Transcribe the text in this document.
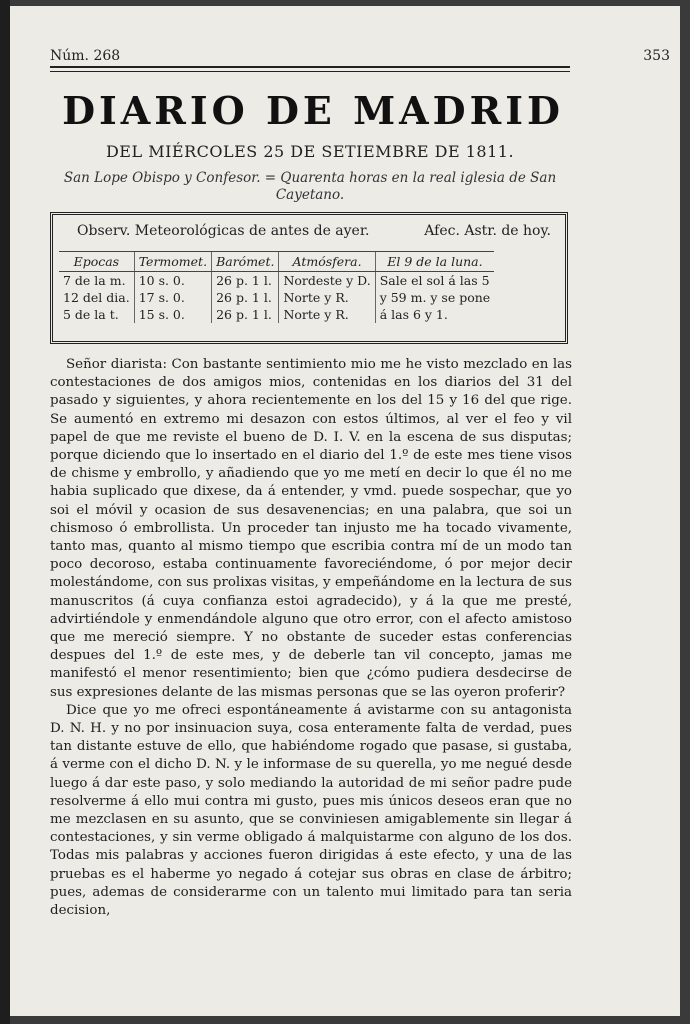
Núm. 268	353
DIARIO DE MADRID
DEL MIÉRCOLES 25 DE SETIEMBRE DE 1811.
San Lope Obispo y Confesor. = Quarenta horas en la real iglesia de San Cayetano.
Observ. Meteorológicas de antes de ayer.	Afec. Astr. de hoy.
Epocas	Termomet.	Barómet.	Atmósfera.	El 9 de la luna.
7 de la m.	10 s. 0.	26 p. 1 l.	Nordeste y D.	Sale el sol á las 5
12 del dia.	17 s. 0.	26 p. 1 l.	Norte y R.	y 59 m. y se pone
5 de la t.	15 s. 0.	26 p. 1 l.	Norte y R.	á las 6 y 1.

Señor diarista: Con bastante sentimiento mio me he visto mezclado en las contestaciones de dos amigos mios, contenidas en los diarios del 31 del pasado y siguientes, y ahora recientemente en los del 15 y 16 del que rige. Se aumentó en extremo mi desazon con estos últimos, al ver el feo y vil papel de que me reviste el bueno de D. I. V. en la escena de sus disputas; porque diciendo que lo insertado en el diario del 1.º de este mes tiene visos de chisme y embrollo, y añadiendo que yo me metí en decir lo que él no me habia suplicado que dixese, da á entender, y vmd. puede sospechar, que yo soi el móvil y ocasion de sus desavenencias; en una palabra, que soi un chismoso ó embrollista. Un proceder tan injusto me ha tocado vivamente, tanto mas, quanto al mismo tiempo que escribia contra mí de un modo tan poco decoroso, estaba continuamente favoreciéndome, ó por mejor decir molestándome, con sus prolixas visitas, y empeñándome en la lectura de sus manuscritos (á cuya confianza estoi agradecido), y á la que me presté, advirtiéndole y enmendándole alguno que otro error, con el afecto amistoso que me mereció siempre. Y no obstante de suceder estas conferencias despues del 1.º de este mes, y de deberle tan vil concepto, jamas me manifestó el menor resentimiento; bien que ¿cómo pudiera desdecirse de sus expresiones delante de las mismas personas que se las oyeron proferir?

Dice que yo me ofreci espontáneamente á avistarme con su antagonista D. N. H. y no por insinuacion suya, cosa enteramente falta de verdad, pues tan distante estuve de ello, que habiéndome rogado que pasase, si gustaba, á verme con el dicho D. N. y le informase de su querella, yo me negué desde luego á dar este paso, y solo mediando la autoridad de mi señor padre pude resolverme á ello mui contra mi gusto, pues mis únicos deseos eran que no me mezclasen en su asunto, que se conviniesen amigablemente sin llegar á contestaciones, y sin verme obligado á malquistarme con alguno de los dos. Todas mis palabras y acciones fueron dirigidas á este efecto, y una de las pruebas es el haberme yo negado á cotejar sus obras en clase de árbitro; pues, ademas de considerarme con un talento mui limitado para tan seria decision,
